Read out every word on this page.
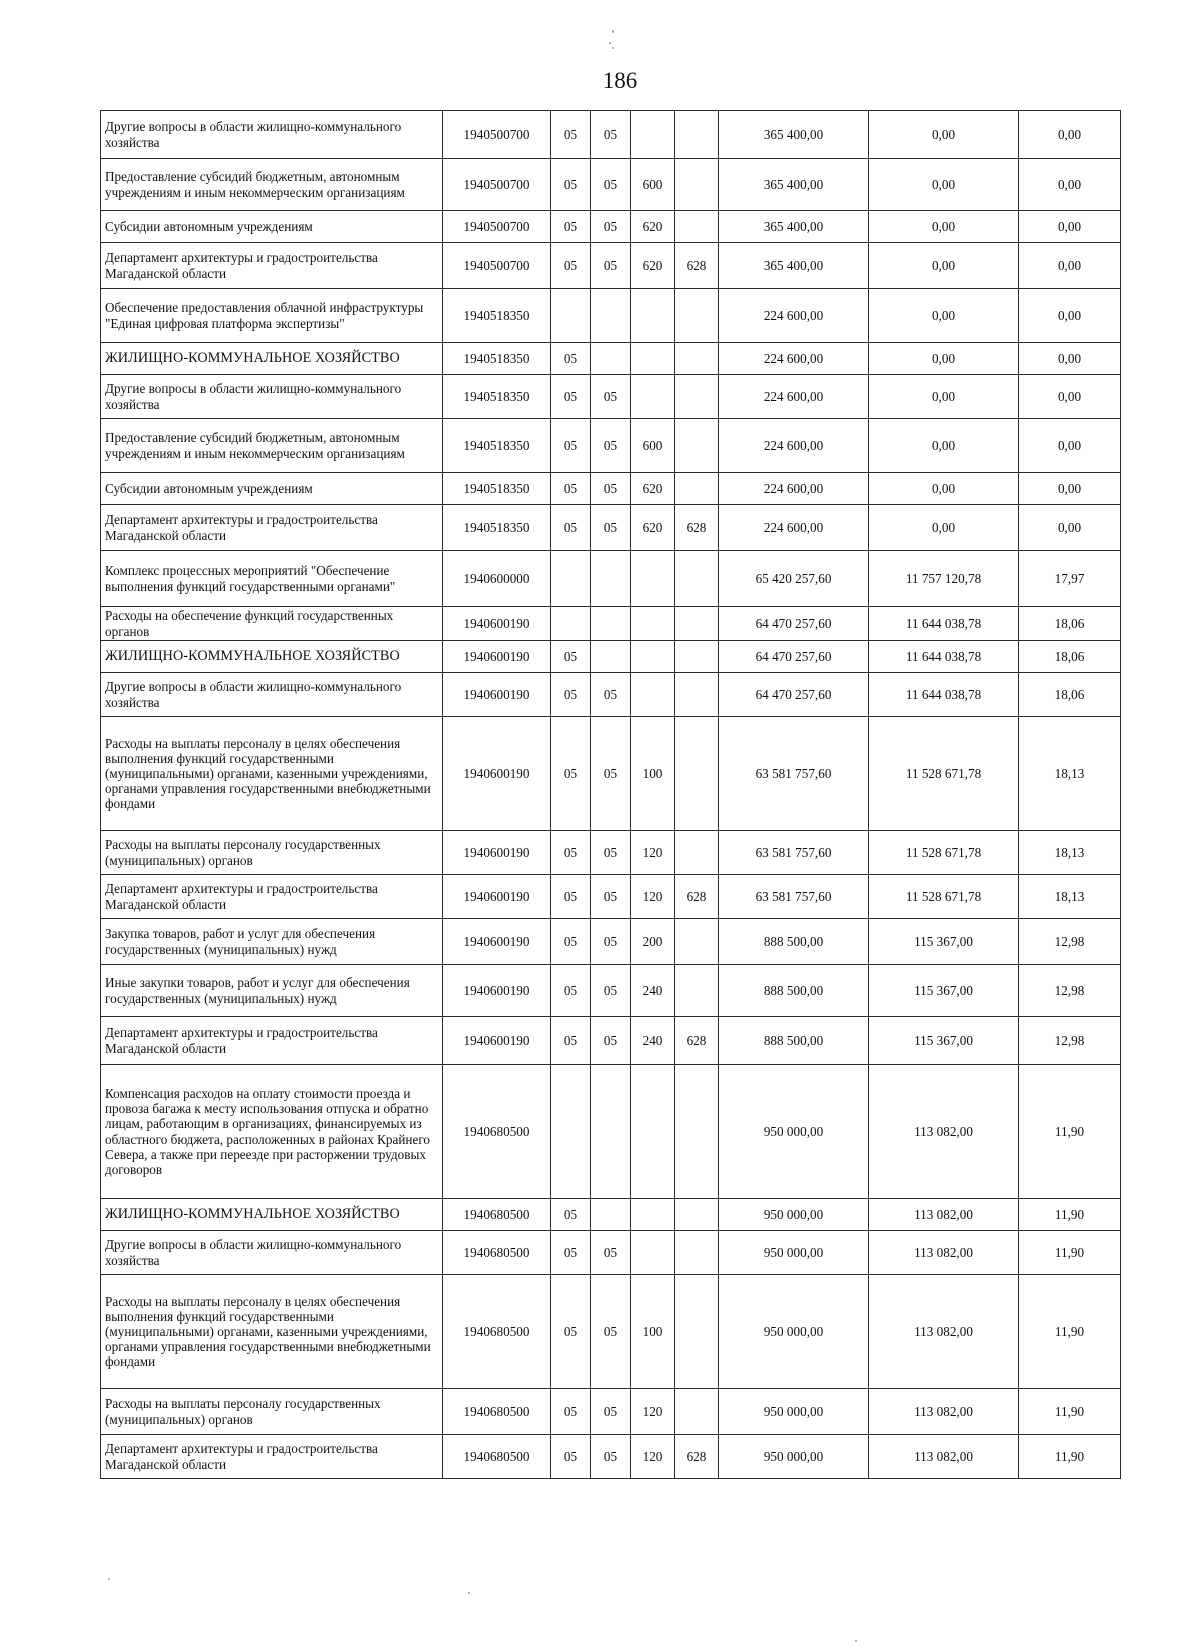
186
Другие вопросы в области жилищно-коммунального хозяйства	1940500700	05	05			365 400,00	0,00	0,00
Предоставление субсидий бюджетным, автономным учреждениям и иным некоммерческим организациям	1940500700	05	05	600		365 400,00	0,00	0,00
Субсидии автономным учреждениям	1940500700	05	05	620		365 400,00	0,00	0,00
Департамент архитектуры и градостроительства Магаданской области	1940500700	05	05	620	628	365 400,00	0,00	0,00
Обеспечение предоставления облачной инфраструктуры "Единая цифровая платформа экспертизы"	1940518350					224 600,00	0,00	0,00
ЖИЛИЩНО-КОММУНАЛЬНОЕ ХОЗЯЙСТВО	1940518350	05				224 600,00	0,00	0,00
Другие вопросы в области жилищно-коммунального хозяйства	1940518350	05	05			224 600,00	0,00	0,00
Предоставление субсидий бюджетным, автономным учреждениям и иным некоммерческим организациям	1940518350	05	05	600		224 600,00	0,00	0,00
Субсидии автономным учреждениям	1940518350	05	05	620		224 600,00	0,00	0,00
Департамент архитектуры и градостроительства Магаданской области	1940518350	05	05	620	628	224 600,00	0,00	0,00
Комплекс процессных мероприятий "Обеспечение выполнения функций государственными органами"	1940600000					65 420 257,60	11 757 120,78	17,97
Расходы на обеспечение функций государственных органов	1940600190					64 470 257,60	11 644 038,78	18,06
ЖИЛИЩНО-КОММУНАЛЬНОЕ ХОЗЯЙСТВО	1940600190	05				64 470 257,60	11 644 038,78	18,06
Другие вопросы в области жилищно-коммунального хозяйства	1940600190	05	05			64 470 257,60	11 644 038,78	18,06
Расходы на выплаты персоналу в целях обеспечения выполнения функций государственными (муниципальными) органами, казенными учреждениями, органами управления государственными внебюджетными фондами	1940600190	05	05	100		63 581 757,60	11 528 671,78	18,13
Расходы на выплаты персоналу государственных (муниципальных) органов	1940600190	05	05	120		63 581 757,60	11 528 671,78	18,13
Департамент архитектуры и градостроительства Магаданской области	1940600190	05	05	120	628	63 581 757,60	11 528 671,78	18,13
Закупка товаров, работ и услуг для обеспечения государственных (муниципальных) нужд	1940600190	05	05	200		888 500,00	115 367,00	12,98
Иные закупки товаров, работ и услуг для обеспечения государственных (муниципальных) нужд	1940600190	05	05	240		888 500,00	115 367,00	12,98
Департамент архитектуры и градостроительства Магаданской области	1940600190	05	05	240	628	888 500,00	115 367,00	12,98
Компенсация расходов на оплату стоимости проезда и провоза багажа к месту использования отпуска и обратно лицам, работающим в организациях, финансируемых из областного бюджета, расположенных в районах Крайнего Севера, а также при переезде при расторжении трудовых договоров	1940680500					950 000,00	113 082,00	11,90
ЖИЛИЩНО-КОММУНАЛЬНОЕ ХОЗЯЙСТВО	1940680500	05				950 000,00	113 082,00	11,90
Другие вопросы в области жилищно-коммунального хозяйства	1940680500	05	05			950 000,00	113 082,00	11,90
Расходы на выплаты персоналу в целях обеспечения выполнения функций государственными (муниципальными) органами, казенными учреждениями, органами управления государственными внебюджетными фондами	1940680500	05	05	100		950 000,00	113 082,00	11,90
Расходы на выплаты персоналу государственных (муниципальных) органов	1940680500	05	05	120		950 000,00	113 082,00	11,90
Департамент архитектуры и градостроительства Магаданской области	1940680500	05	05	120	628	950 000,00	113 082,00	11,90
